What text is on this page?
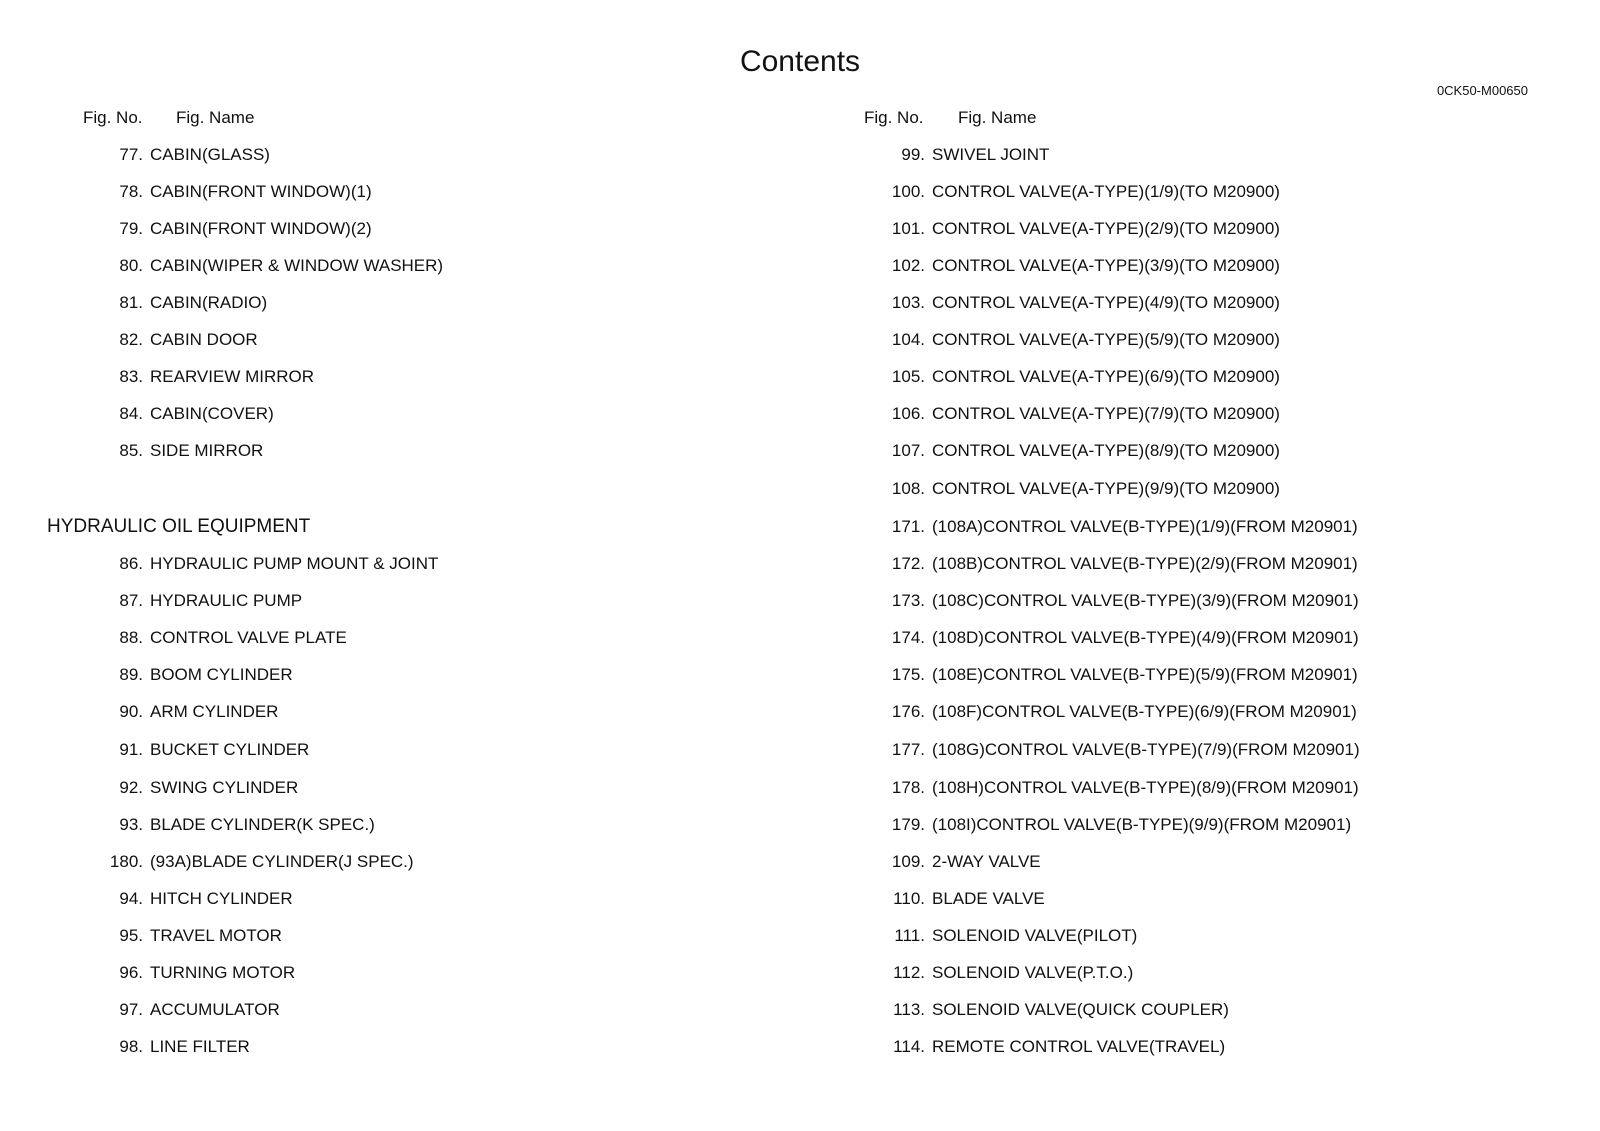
Contents
0CK50-M00650
Fig. No. Fig. Name
77. CABIN(GLASS)
78. CABIN(FRONT WINDOW)(1)
79. CABIN(FRONT WINDOW)(2)
80. CABIN(WIPER & WINDOW WASHER)
81. CABIN(RADIO)
82. CABIN DOOR
83. REARVIEW MIRROR
84. CABIN(COVER)
85. SIDE MIRROR
HYDRAULIC OIL EQUIPMENT
86. HYDRAULIC PUMP MOUNT & JOINT
87. HYDRAULIC PUMP
88. CONTROL VALVE PLATE
89. BOOM CYLINDER
90. ARM CYLINDER
91. BUCKET CYLINDER
92. SWING CYLINDER
93. BLADE CYLINDER(K SPEC.)
180. (93A)BLADE CYLINDER(J SPEC.)
94. HITCH CYLINDER
95. TRAVEL MOTOR
96. TURNING MOTOR
97. ACCUMULATOR
98. LINE FILTER
Fig. No. Fig. Name
99. SWIVEL JOINT
100. CONTROL VALVE(A-TYPE)(1/9)(TO M20900)
101. CONTROL VALVE(A-TYPE)(2/9)(TO M20900)
102. CONTROL VALVE(A-TYPE)(3/9)(TO M20900)
103. CONTROL VALVE(A-TYPE)(4/9)(TO M20900)
104. CONTROL VALVE(A-TYPE)(5/9)(TO M20900)
105. CONTROL VALVE(A-TYPE)(6/9)(TO M20900)
106. CONTROL VALVE(A-TYPE)(7/9)(TO M20900)
107. CONTROL VALVE(A-TYPE)(8/9)(TO M20900)
108. CONTROL VALVE(A-TYPE)(9/9)(TO M20900)
171. (108A)CONTROL VALVE(B-TYPE)(1/9)(FROM M20901)
172. (108B)CONTROL VALVE(B-TYPE)(2/9)(FROM M20901)
173. (108C)CONTROL VALVE(B-TYPE)(3/9)(FROM M20901)
174. (108D)CONTROL VALVE(B-TYPE)(4/9)(FROM M20901)
175. (108E)CONTROL VALVE(B-TYPE)(5/9)(FROM M20901)
176. (108F)CONTROL VALVE(B-TYPE)(6/9)(FROM M20901)
177. (108G)CONTROL VALVE(B-TYPE)(7/9)(FROM M20901)
178. (108H)CONTROL VALVE(B-TYPE)(8/9)(FROM M20901)
179. (108I)CONTROL VALVE(B-TYPE)(9/9)(FROM M20901)
109. 2-WAY VALVE
110. BLADE VALVE
111. SOLENOID VALVE(PILOT)
112. SOLENOID VALVE(P.T.O.)
113. SOLENOID VALVE(QUICK COUPLER)
114. REMOTE CONTROL VALVE(TRAVEL)
